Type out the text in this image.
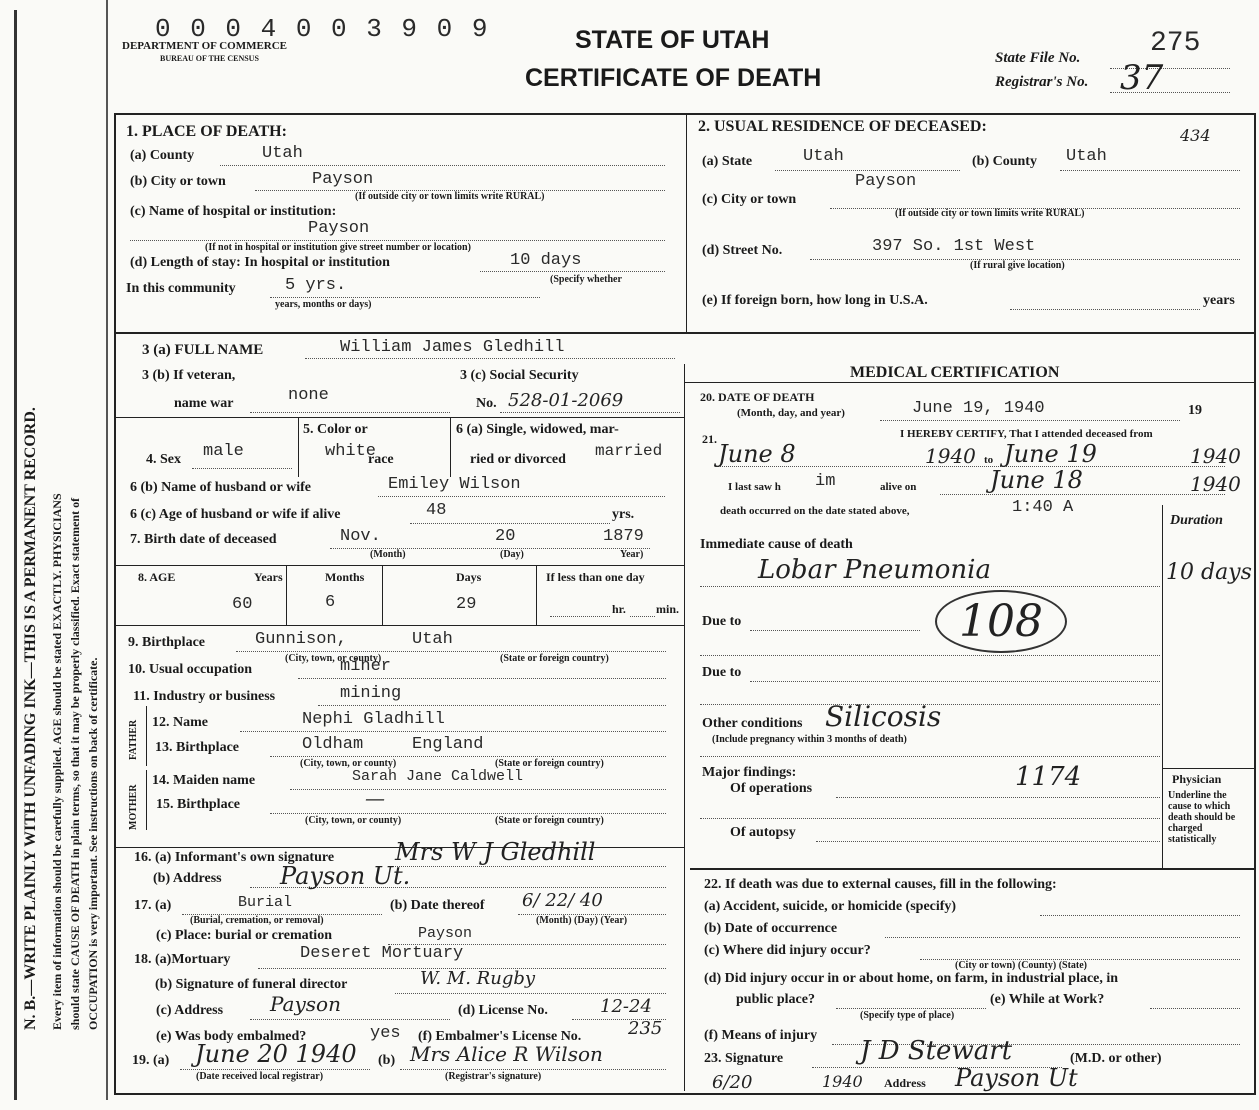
0 0 0 4 0 0 3 9 0 9
DEPARTMENT OF COMMERCE
BUREAU OF THE CENSUS
STATE OF UTAH
CERTIFICATE OF DEATH
State File No. 275
Registrar's No. 37
N. B.—WRITE PLAINLY WITH UNFADING INK—THIS IS A PERMANENT RECORD. Every item of information should be carefully supplied. AGE should be stated EXACTLY. PHYSICIANS should state CAUSE OF DEATH in plain terms, so that it may be properly classified. Exact statement of OCCUPATION is very important. See instructions on back of certificate.
1. PLACE OF DEATH:
(a) County	Utah
(b) City or town	Payson
(If outside city or town limits write RURAL)
(c) Name of hospital or institution:
Payson
(If not in hospital or institution give street number or location)
(d) Length of stay: In hospital or institution	10 days
In this community	5 yrs.	(Specify whether
years, months or days)
2. USUAL RESIDENCE OF DECEASED:	434
(a) State	Utah	(b) County Utah
Payson
(c) City or town
(If outside city or town limits write RURAL)
(d) Street No.	397 So. 1st West
(If rural give location)
(e) If foreign born, how long in U.S.A.	years
3 (a) FULL NAME	William James Gledhill
3 (b) If veteran,
name war	none
3 (c) Social Security
No. 528-01-2069
4. Sex male
5. Color or
race
white
6 (a) Single, widowed, mar-
ried or divorced married
6 (b) Name of husband or wife	Emiley Wilson
6 (c) Age of husband or wife if alive	48	yrs.
7. Birth date of deceased	Nov.	20	1879
(Month)	(Day)	Year)
8. AGE	Years	Months	Days	If less than one day
60	6	29	hr.	min.
9. Birthplace	Gunnison,	Utah
(City, town, or county)	(State or foreign country)
10. Usual occupation	miner
11. Industry or business	mining
FATHER
MOTHER
12. Name	Nephi Gladhill
13. Birthplace	Oldham	England
(City, town, or county)	(State or foreign country)
14. Maiden name	Sarah Jane Caldwell
15. Birthplace	—
(City, town, or county)	(State or foreign country)
16. (a) Informant's own signature	Mrs W J Gledhill
(b) Address Payson Ut.
17. (a)	Burial
(Burial, cremation, or removal)
(b) Date thereof 6/ 22/ 40
(Month) (Day) (Year)
(c) Place: burial or cremation	Payson
18. (a)Mortuary	Deseret Mortuary
(b) Signature of funeral director	W. M. Rugby
(c) Address Payson	(d) License No.	12-24
(e) Was body embalmed?	yes (f) Embalmer's License No.	235
19. (a) June 20 1940
(Date received local registrar)
(b) Mrs Alice R Wilson
(Registrar's signature)
MEDICAL CERTIFICATION
20. DATE OF DEATH
(Month, day, and year)	June 19, 1940	19
21.	I HEREBY CERTIFY, That I attended deceased from
June 8	1940 to June 19	1940
I last saw h im	alive on	June 18	1940
death occurred on the date stated above,	1:40 A
Duration
Immediate cause of death
Lobar Pneumonia	10 days
108
Due to
Due to
Other conditions Silicosis
(Include pregnancy within 3 months of death)
Major findings:
Of operations	1174
Of autopsy
Physician
Underline the cause to which death should be charged statistically
22. If death was due to external causes, fill in the following:
(a) Accident, suicide, or homicide (specify)
(b) Date of occurrence
(c) Where did injury occur?
(City or town) (County) (State)
(d) Did injury occur in or about home, on farm, in industrial place, in
public place?
(Specify type of place)
(e) While at Work?
(f) Means of injury
23. Signature	J D Stewart	(M.D. or other)
6/20	1940 Address Payson Ut
